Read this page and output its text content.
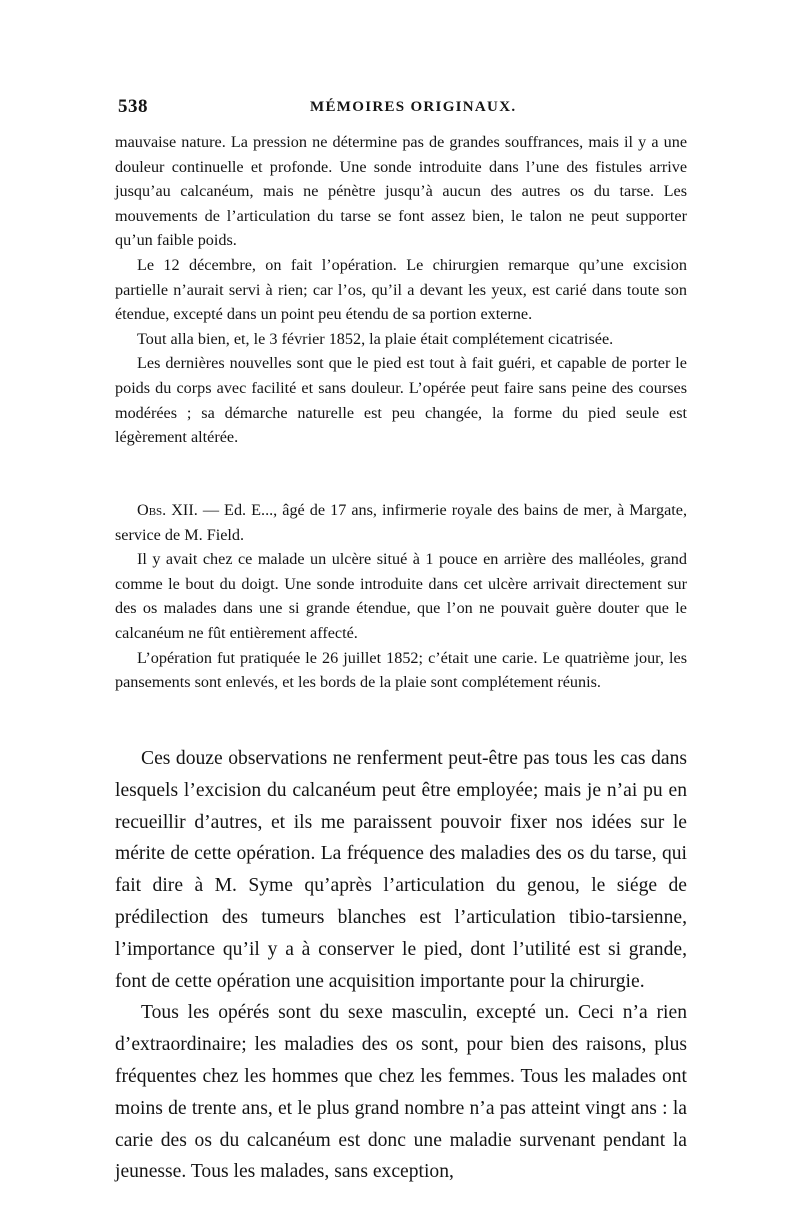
538	MÉMOIRES ORIGINAUX.

mauvaise nature. La pression ne détermine pas de grandes souffrances, mais il y a une douleur continuelle et profonde. Une sonde introduite dans l’une des fistules arrive jusqu’au calcanéum, mais ne pénètre jusqu’à aucun des autres os du tarse. Les mouvements de l’articulation du tarse se font assez bien, le talon ne peut supporter qu’un faible poids.

Le 12 décembre, on fait l’opération. Le chirurgien remarque qu’une excision partielle n’aurait servi à rien; car l’os, qu’il a devant les yeux, est carié dans toute son étendue, excepté dans un point peu étendu de sa portion externe.

Tout alla bien, et, le 3 février 1852, la plaie était complétement cicatrisée.

Les dernières nouvelles sont que le pied est tout à fait guéri, et capable de porter le poids du corps avec facilité et sans douleur. L’opérée peut faire sans peine des courses modérées ; sa démarche naturelle est peu changée, la forme du pied seule est légèrement altérée.

Obs. XII. — Ed. E..., âgé de 17 ans, infirmerie royale des bains de mer, à Margate, service de M. Field.

Il y avait chez ce malade un ulcère situé à 1 pouce en arrière des malléoles, grand comme le bout du doigt. Une sonde introduite dans cet ulcère arrivait directement sur des os malades dans une si grande étendue, que l’on ne pouvait guère douter que le calcanéum ne fût entièrement affecté.

L’opération fut pratiquée le 26 juillet 1852; c’était une carie. Le quatrième jour, les pansements sont enlevés, et les bords de la plaie sont complétement réunis.

Ces douze observations ne renferment peut-être pas tous les cas dans lesquels l’excision du calcanéum peut être employée; mais je n’ai pu en recueillir d’autres, et ils me paraissent pouvoir fixer nos idées sur le mérite de cette opération. La fréquence des maladies des os du tarse, qui fait dire à M. Syme qu’après l’articulation du genou, le siége de prédilection des tumeurs blanches est l’articulation tibio-tarsienne, l’importance qu’il y a à conserver le pied, dont l’utilité est si grande, font de cette opération une acquisition importante pour la chirurgie.

Tous les opérés sont du sexe masculin, excepté un. Ceci n’a rien d’extraordinaire; les maladies des os sont, pour bien des raisons, plus fréquentes chez les hommes que chez les femmes. Tous les malades ont moins de trente ans, et le plus grand nombre n’a pas atteint vingt ans : la carie des os du calcanéum est donc une maladie survenant pendant la jeunesse. Tous les malades, sans exception,
